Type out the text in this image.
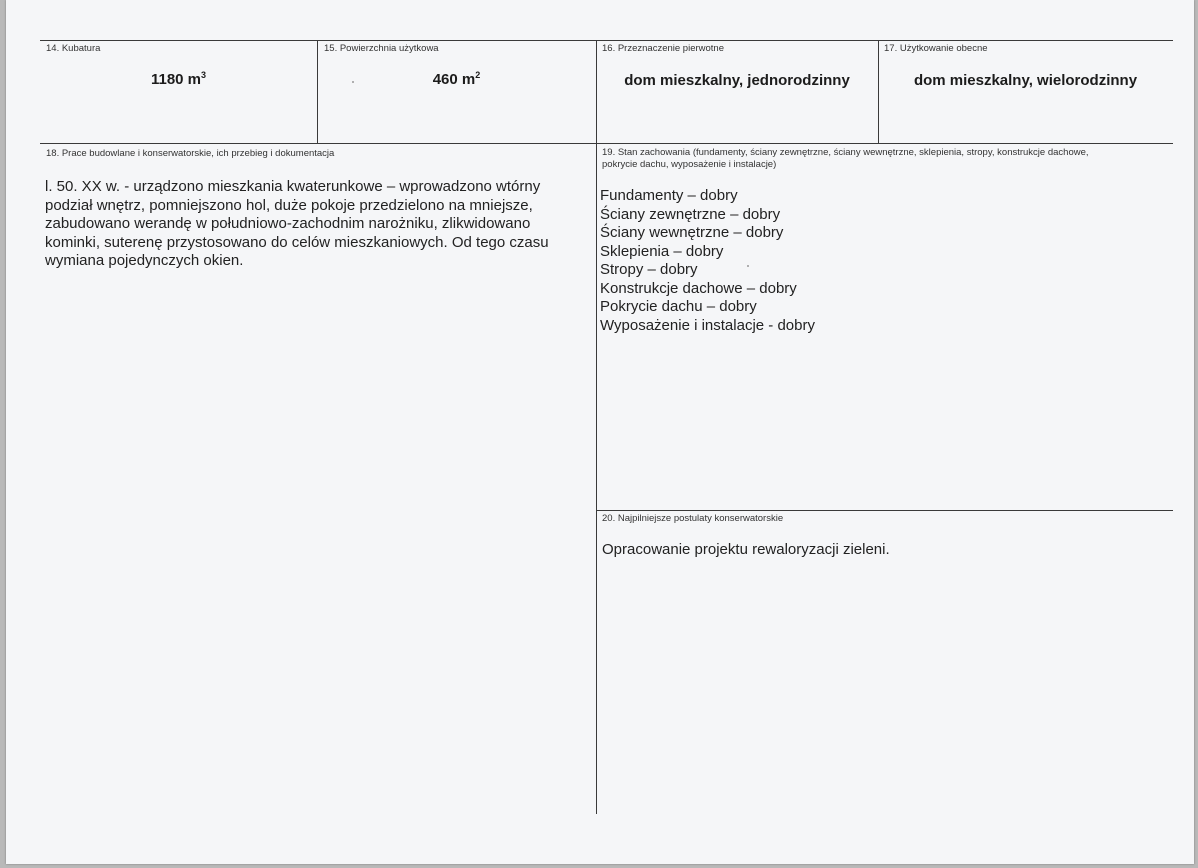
14. Kubatura
1180 $m^3$
15. Powierzchnia użytkowa
460 $m^2$
16. Przeznaczenie pierwotne
dom mieszkalny, jednorodzinny
17. Użytkowanie obecne
dom mieszkalny, wielorodzinny
18. Prace budowlane i konserwatorskie, ich przebieg i dokumentacja
l. 50. XX w. - urządzono mieszkania kwaterunkowe – wprowadzono wtórny podział wnętrz, pomniejszono hol, duże pokoje przedzielono na mniejsze, zabudowano werandę w południowo-zachodnim narożniku, zlikwidowano kominki, suterenę przystosowano do celów mieszkaniowych. Od tego czasu wymiana pojedynczych okien.
19. Stan zachowania (fundamenty, ściany zewnętrzne, ściany wewnętrzne, sklepienia, stropy, konstrukcje dachowe, pokrycie dachu, wyposażenie i instalacje)
Fundamenty – dobry
Ściany zewnętrzne – dobry
Ściany wewnętrzne – dobry
Sklepienia – dobry
Stropy – dobry
Konstrukcje dachowe – dobry
Pokrycie dachu – dobry
Wyposażenie i instalacje - dobry
20. Najpilniejsze postulaty konserwatorskie
Opracowanie projektu rewaloryzacji zieleni.
